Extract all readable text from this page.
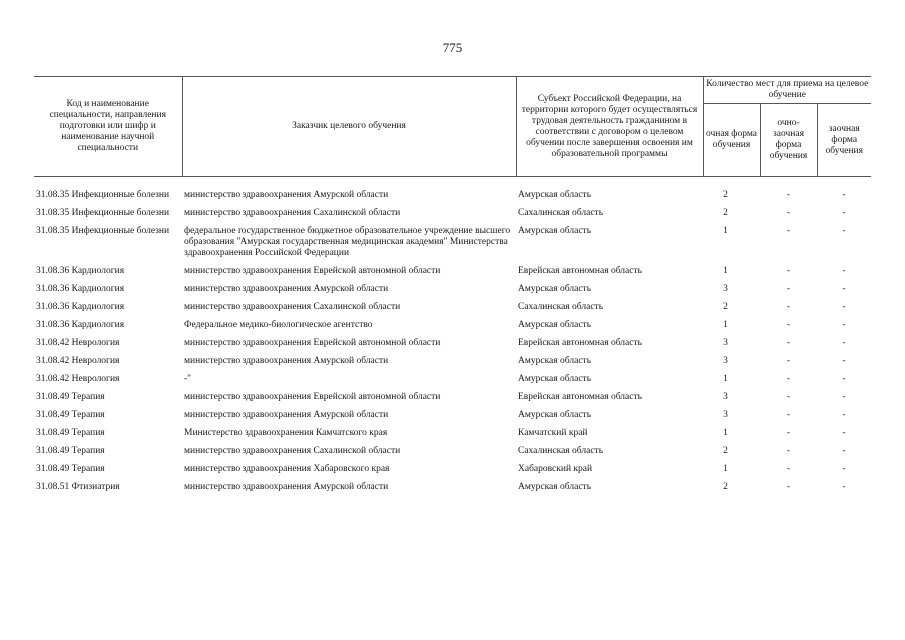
775
Код и наименование специальности, направления подготовки или шифр и наименование научной специальности	Заказчик целевого обучения	Субъект Российской Федерации, на территории которого будет осуществляться трудовая деятельность гражданином в соответствии с договором о целевом обучении после завершения освоения им образовательной программы	Количество мест для приема на целевое обучение		
			очная форма обучения	очно-заочная форма обучения	заочная форма обучения
31.08.35 Инфекционные болезни	министерство здравоохранения Амурской области	Амурская область	2	-	-
31.08.35 Инфекционные болезни	министерство здравоохранения Сахалинской области	Сахалинская область	2	-	-
31.08.35 Инфекционные болезни	федеральное государственное бюджетное образовательное учреждение высшего образования "Амурская государственная медицинская академия" Министерства здравоохранения Российской Федерации	Амурская область	1	-	-
31.08.36 Кардиология	министерство здравоохранения Еврейской автономной области	Еврейская автономная область	1	-	-
31.08.36 Кардиология	министерство здравоохранения Амурской области	Амурская область	3	-	-
31.08.36 Кардиология	министерство здравоохранения Сахалинской области	Сахалинская область	2	-	-
31.08.36 Кардиология	Федеральное медико-биологическое агентство	Амурская область	1	-	-
31.08.42 Неврология	министерство здравоохранения Еврейской автономной области	Еврейская автономная область	3	-	-
31.08.42 Неврология	министерство здравоохранения Амурской области	Амурская область	3	-	-
31.08.42 Неврология	-"	Амурская область	1	-	-
31.08.49 Терапия	министерство здравоохранения Еврейской автономной области	Еврейская автономная область	3	-	-
31.08.49 Терапия	министерство здравоохранения Амурской области	Амурская область	3	-	-
31.08.49 Терапия	Министерство здравоохранения Камчатского края	Камчатский край	1	-	-
31.08.49 Терапия	министерство здравоохранения Сахалинской области	Сахалинская область	2	-	-
31.08.49 Терапия	министерство здравоохранения Хабаровского края	Хабаровский край	1	-	-
31.08.51 Фтизиатрия	министерство здравоохранения Амурской области	Амурская область	2	-	-
